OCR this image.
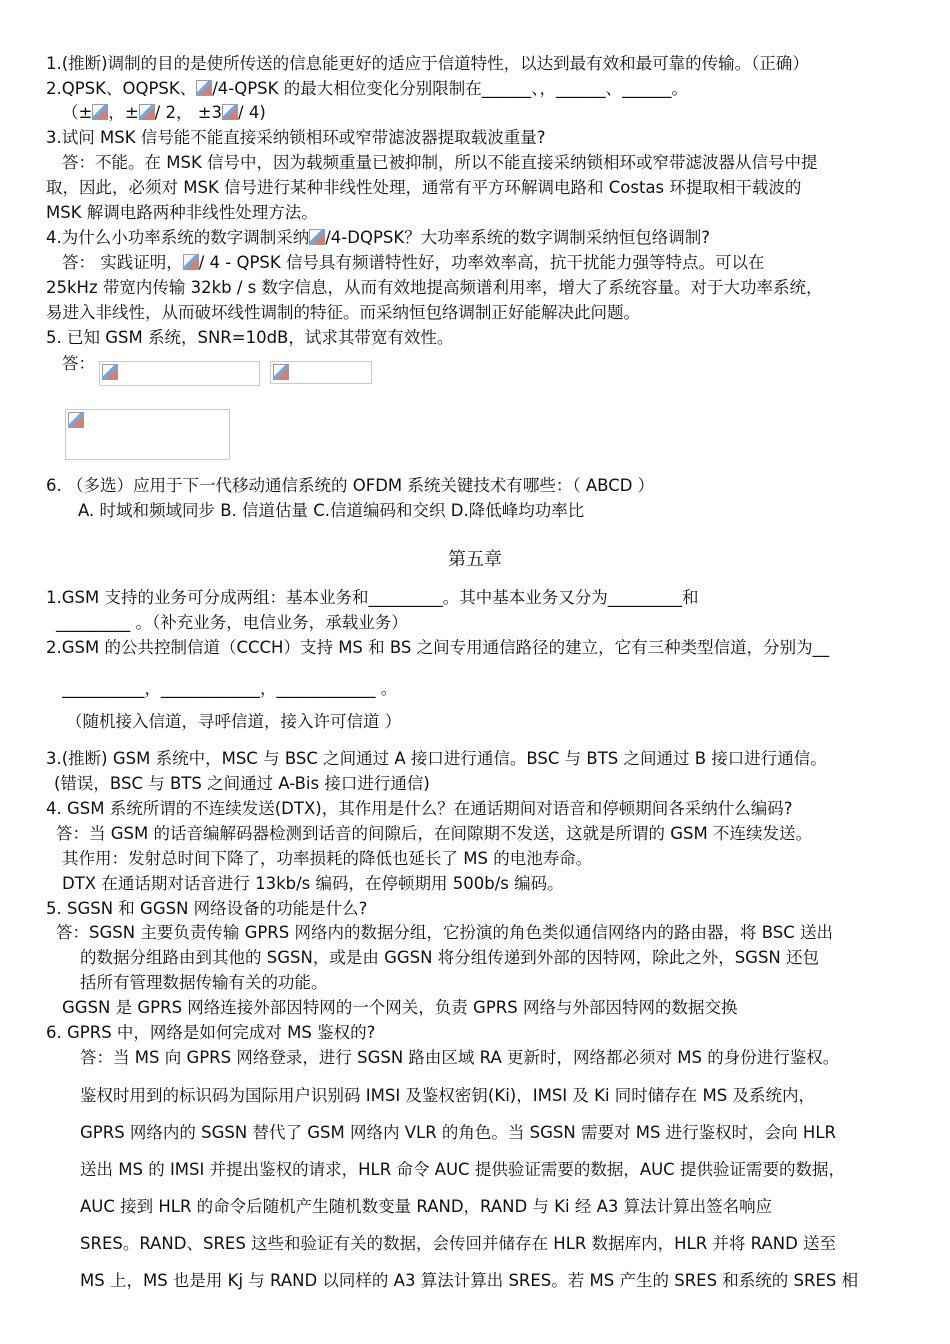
1.(推断)调制的目的是使所传送的信息能更好的适应于信道特性，以达到最有效和最可靠的传输。（正确）
2.QPSK、OQPSK、 /4-QPSK 的最大相位变化分别限制在______、，______、______。
（± ，± / 2， ±3 / 4)
3.试问 MSK 信号能不能直接采纳锁相环或窄带滤波器提取载波重量?
答：不能。在 MSK 信号中，因为载频重量已被抑制，所以不能直接采纳锁相环或窄带滤波器从信号中提
取，因此，必须对 MSK 信号进行某种非线性处理，通常有平方环解调电路和 Costas 环提取相干载波的
MSK 解调电路两种非线性处理方法。
4.为什么小功率系统的数字调制采纳 /4-DQPSK？大功率系统的数字调制采纳恒包络调制?
答： 实践证明， / 4 - QPSK 信号具有频谱特性好，功率效率高，抗干扰能力强等特点。可以在
25kHz 带宽内传输 32kb / s 数字信息，从而有效地提高频谱利用率，增大了系统容量。对于大功率系统，
易进入非线性，从而破坏线性调制的特征。而采纳恒包络调制正好能解决此问题。
5. 已知 GSM 系统，SNR=10dB，试求其带宽有效性。
答：
6. （多选）应用于下一代移动通信系统的 OFDM 系统关键技术有哪些：（ ABCD ）
A. 时域和频域同步 B. 信道估量 C.信道编码和交织 D.降低峰均功率比
第五章
1.GSM 支持的业务可分成两组：基本业务和_________。其中基本业务又分为_________和
_________ 。（补充业务，电信业务，承载业务）
2.GSM 的公共控制信道（CCCH）支持 MS 和 BS 之间专用通信路径的建立，它有三种类型信道，分别为__
__________，____________，____________ 。
（随机接入信道，寻呼信道，接入许可信道 ）
3.(推断) GSM 系统中，MSC 与 BSC 之间通过 A 接口进行通信。BSC 与 BTS 之间通过 B 接口进行通信。
(错误，BSC 与 BTS 之间通过 A-Bis 接口进行通信)
4. GSM 系统所谓的不连续发送(DTX)，其作用是什么？在通话期间对语音和停顿期间各采纳什么编码?
答：当 GSM 的话音编解码器检测到话音的间隙后，在间隙期不发送，这就是所谓的 GSM 不连续发送。
其作用：发射总时间下降了，功率损耗的降低也延长了 MS 的电池寿命。
DTX 在通话期对话音进行 13kb/s 编码，在停顿期用 500b/s 编码。
5. SGSN 和 GGSN 网络设备的功能是什么?
答：SGSN 主要负责传输 GPRS 网络内的数据分组，它扮演的角色类似通信网络内的路由器，将 BSC 送出
的数据分组路由到其他的 SGSN，或是由 GGSN 将分组传递到外部的因特网，除此之外，SGSN 还包
括所有管理数据传输有关的功能。
GGSN 是 GPRS 网络连接外部因特网的一个网关，负责 GPRS 网络与外部因特网的数据交换
6. GPRS 中，网络是如何完成对 MS 鉴权的?
答：当 MS 向 GPRS 网络登录，进行 SGSN 路由区域 RA 更新时，网络都必须对 MS 的身份进行鉴权。
鉴权时用到的标识码为国际用户识别码 IMSI 及鉴权密钥(Ki)，IMSI 及 Ki 同时储存在 MS 及系统内，
GPRS 网络内的 SGSN 替代了 GSM 网络内 VLR 的角色。当 SGSN 需要对 MS 进行鉴权时，会向 HLR
送出 MS 的 IMSI 并提出鉴权的请求，HLR 命令 AUC 提供验证需要的数据，AUC 提供验证需要的数据，
AUC 接到 HLR 的命令后随机产生随机数变量 RAND，RAND 与 Ki 经 A3 算法计算出签名响应
SRES。RAND、SRES 这些和验证有关的数据，会传回并储存在 HLR 数据库内，HLR 并将 RAND 送至
MS 上，MS 也是用 Kj 与 RAND 以同样的 A3 算法计算出 SRES。若 MS 产生的 SRES 和系统的 SRES 相
